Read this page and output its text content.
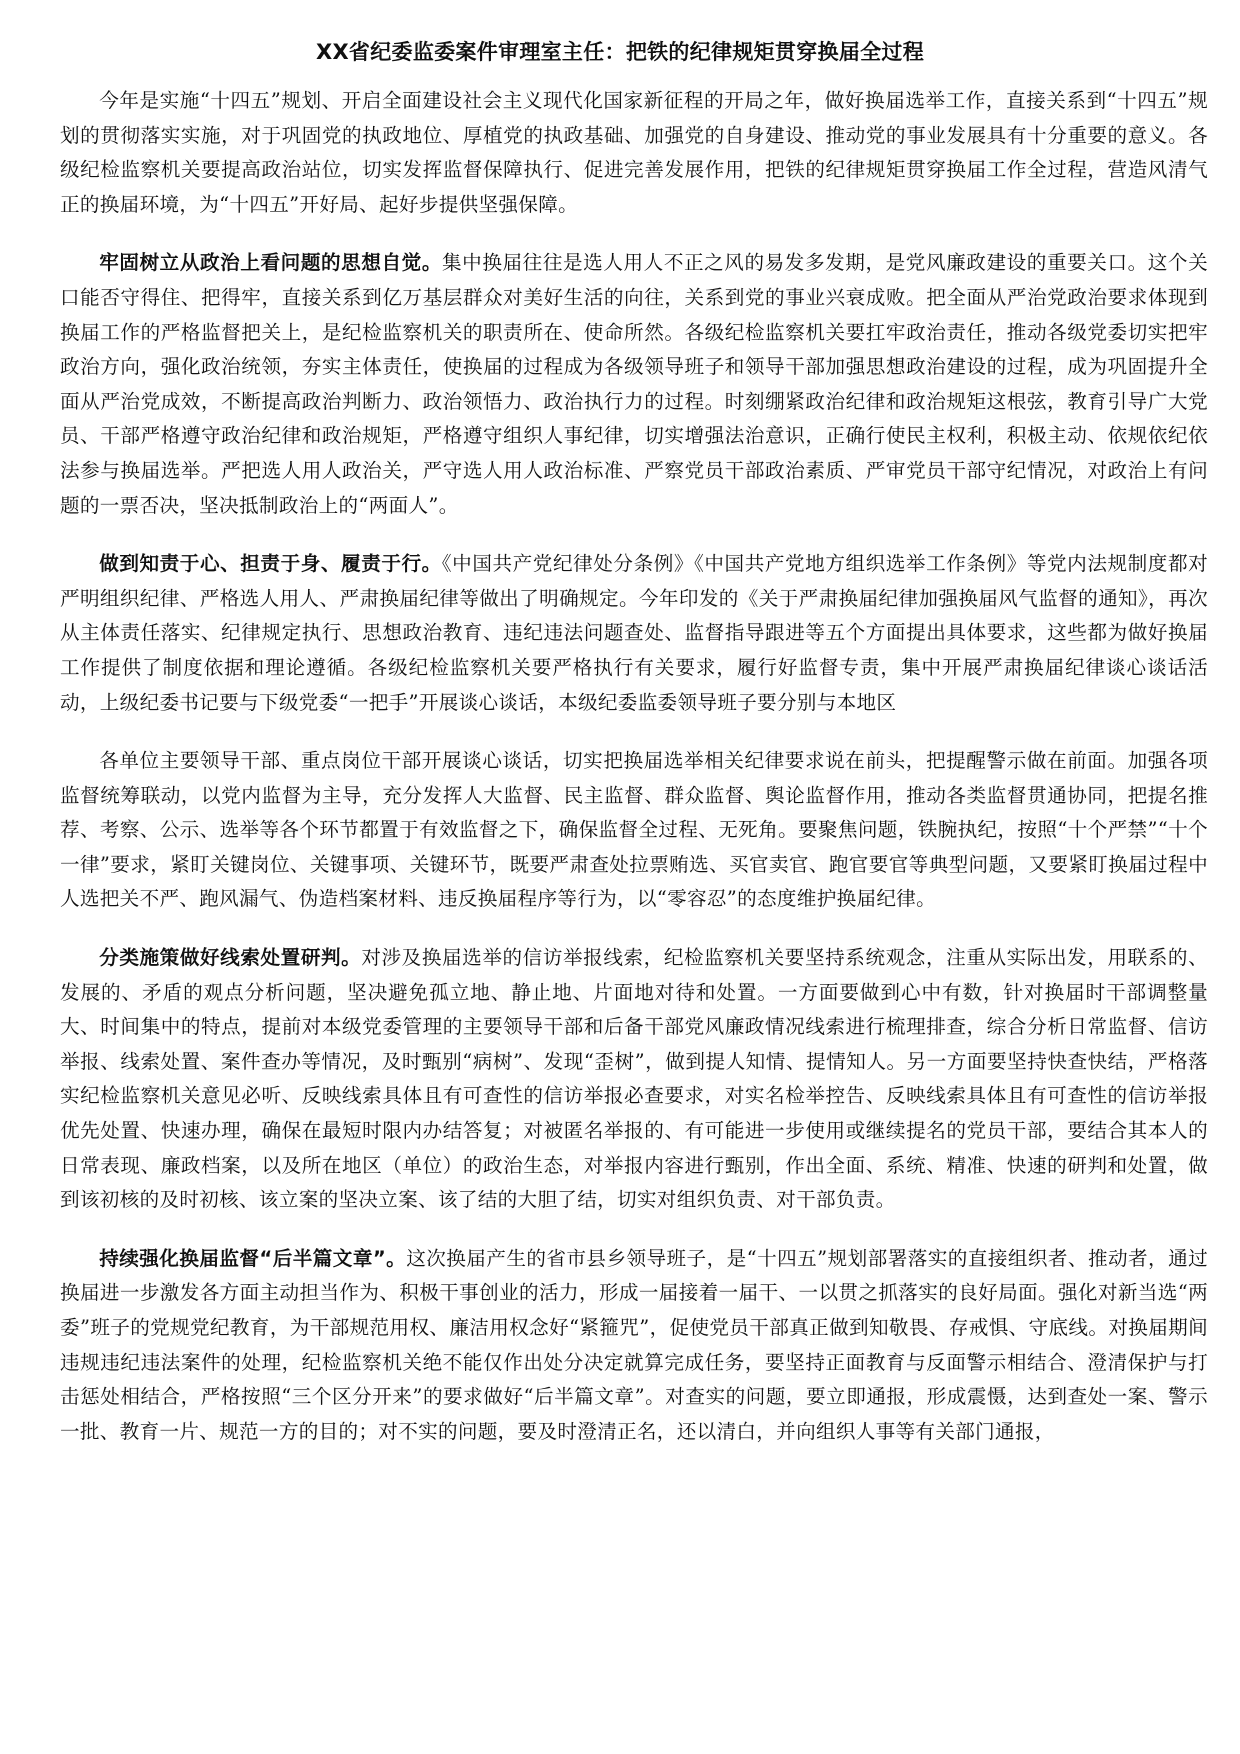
XX省纪委监委案件审理室主任：把铁的纪律规矩贯穿换届全过程

今年是实施“十四五”规划、开启全面建设社会主义现代化国家新征程的开局之年，做好换届选举工作，直接关系到“十四五”规划的贯彻落实实施，对于巩固党的执政地位、厚植党的执政基础、加强党的自身建设、推动党的事业发展具有十分重要的意义。各级纪检监察机关要提高政治站位，切实发挥监督保障执行、促进完善发展作用，把铁的纪律规矩贯穿换届工作全过程，营造风清气正的换届环境，为“十四五”开好局、起好步提供坚强保障。

牢固树立从政治上看问题的思想自觉。集中换届往往是选人用人不正之风的易发多发期，是党风廉政建设的重要关口。这个关口能否守得住、把得牢，直接关系到亿万基层群众对美好生活的向往，关系到党的事业兴衰成败。把全面从严治党政治要求体现到换届工作的严格监督把关上，是纪检监察机关的职责所在、使命所然。各级纪检监察机关要扛牢政治责任，推动各级党委切实把牢政治方向，强化政治统领，夯实主体责任，使换届的过程成为各级领导班子和领导干部加强思想政治建设的过程，成为巩固提升全面从严治党成效，不断提高政治判断力、政治领悟力、政治执行力的过程。时刻绷紧政治纪律和政治规矩这根弦，教育引导广大党员、干部严格遵守政治纪律和政治规矩，严格遵守组织人事纪律，切实增强法治意识，正确行使民主权利，积极主动、依规依纪依法参与换届选举。严把选人用人政治关，严守选人用人政治标准、严察党员干部政治素质、严审党员干部守纪情况，对政治上有问题的一票否决，坚决抵制政治上的“两面人”。

做到知责于心、担责于身、履责于行。《中国共产党纪律处分条例》《中国共产党地方组织选举工作条例》等党内法规制度都对严明组织纪律、严格选人用人、严肃换届纪律等做出了明确规定。今年印发的《关于严肃换届纪律加强换届风气监督的通知》，再次从主体责任落实、纪律规定执行、思想政治教育、违纪违法问题查处、监督指导跟进等五个方面提出具体要求，这些都为做好换届工作提供了制度依据和理论遵循。各级纪检监察机关要严格执行有关要求，履行好监督专责，集中开展严肃换届纪律谈心谈话活动，上级纪委书记要与下级党委“一把手”开展谈心谈话，本级纪委监委领导班子要分别与本地区

各单位主要领导干部、重点岗位干部开展谈心谈话，切实把换届选举相关纪律要求说在前头，把提醒警示做在前面。加强各项监督统筹联动，以党内监督为主导，充分发挥人大监督、民主监督、群众监督、舆论监督作用，推动各类监督贯通协同，把提名推荐、考察、公示、选举等各个环节都置于有效监督之下，确保监督全过程、无死角。要聚焦问题，铁腕执纪，按照“十个严禁”“十个一律”要求，紧盯关键岗位、关键事项、关键环节，既要严肃查处拉票贿选、买官卖官、跑官要官等典型问题，又要紧盯换届过程中人选把关不严、跑风漏气、伪造档案材料、违反换届程序等行为，以“零容忍”的态度维护换届纪律。

分类施策做好线索处置研判。对涉及换届选举的信访举报线索，纪检监察机关要坚持系统观念，注重从实际出发，用联系的、发展的、矛盾的观点分析问题，坚决避免孤立地、静止地、片面地对待和处置。一方面要做到心中有数，针对换届时干部调整量大、时间集中的特点，提前对本级党委管理的主要领导干部和后备干部党风廉政情况线索进行梳理排查，综合分析日常监督、信访举报、线索处置、案件查办等情况，及时甄别“病树”、发现“歪树”，做到提人知情、提情知人。另一方面要坚持快查快结，严格落实纪检监察机关意见必听、反映线索具体且有可查性的信访举报必查要求，对实名检举控告、反映线索具体且有可查性的信访举报优先处置、快速办理，确保在最短时限内办结答复；对被匿名举报的、有可能进一步使用或继续提名的党员干部，要结合其本人的日常表现、廉政档案，以及所在地区（单位）的政治生态，对举报内容进行甄别，作出全面、系统、精准、快速的研判和处置，做到该初核的及时初核、该立案的坚决立案、该了结的大胆了结，切实对组织负责、对干部负责。

持续强化换届监督“后半篇文章”。这次换届产生的省市县乡领导班子，是“十四五”规划部署落实的直接组织者、推动者，通过换届进一步激发各方面主动担当作为、积极干事创业的活力，形成一届接着一届干、一以贯之抓落实的良好局面。强化对新当选“两委”班子的党规党纪教育，为干部规范用权、廉洁用权念好“紧箍咒”，促使党员干部真正做到知敬畏、存戒惧、守底线。对换届期间违规违纪违法案件的处理，纪检监察机关绝不能仅作出处分决定就算完成任务，要坚持正面教育与反面警示相结合、澄清保护与打击惩处相结合，严格按照“三个区分开来”的要求做好“后半篇文章”。对查实的问题，要立即通报，形成震慑，达到查处一案、警示一批、教育一片、规范一方的目的；对不实的问题，要及时澄清正名，还以清白，并向组织人事等有关部门通报，
